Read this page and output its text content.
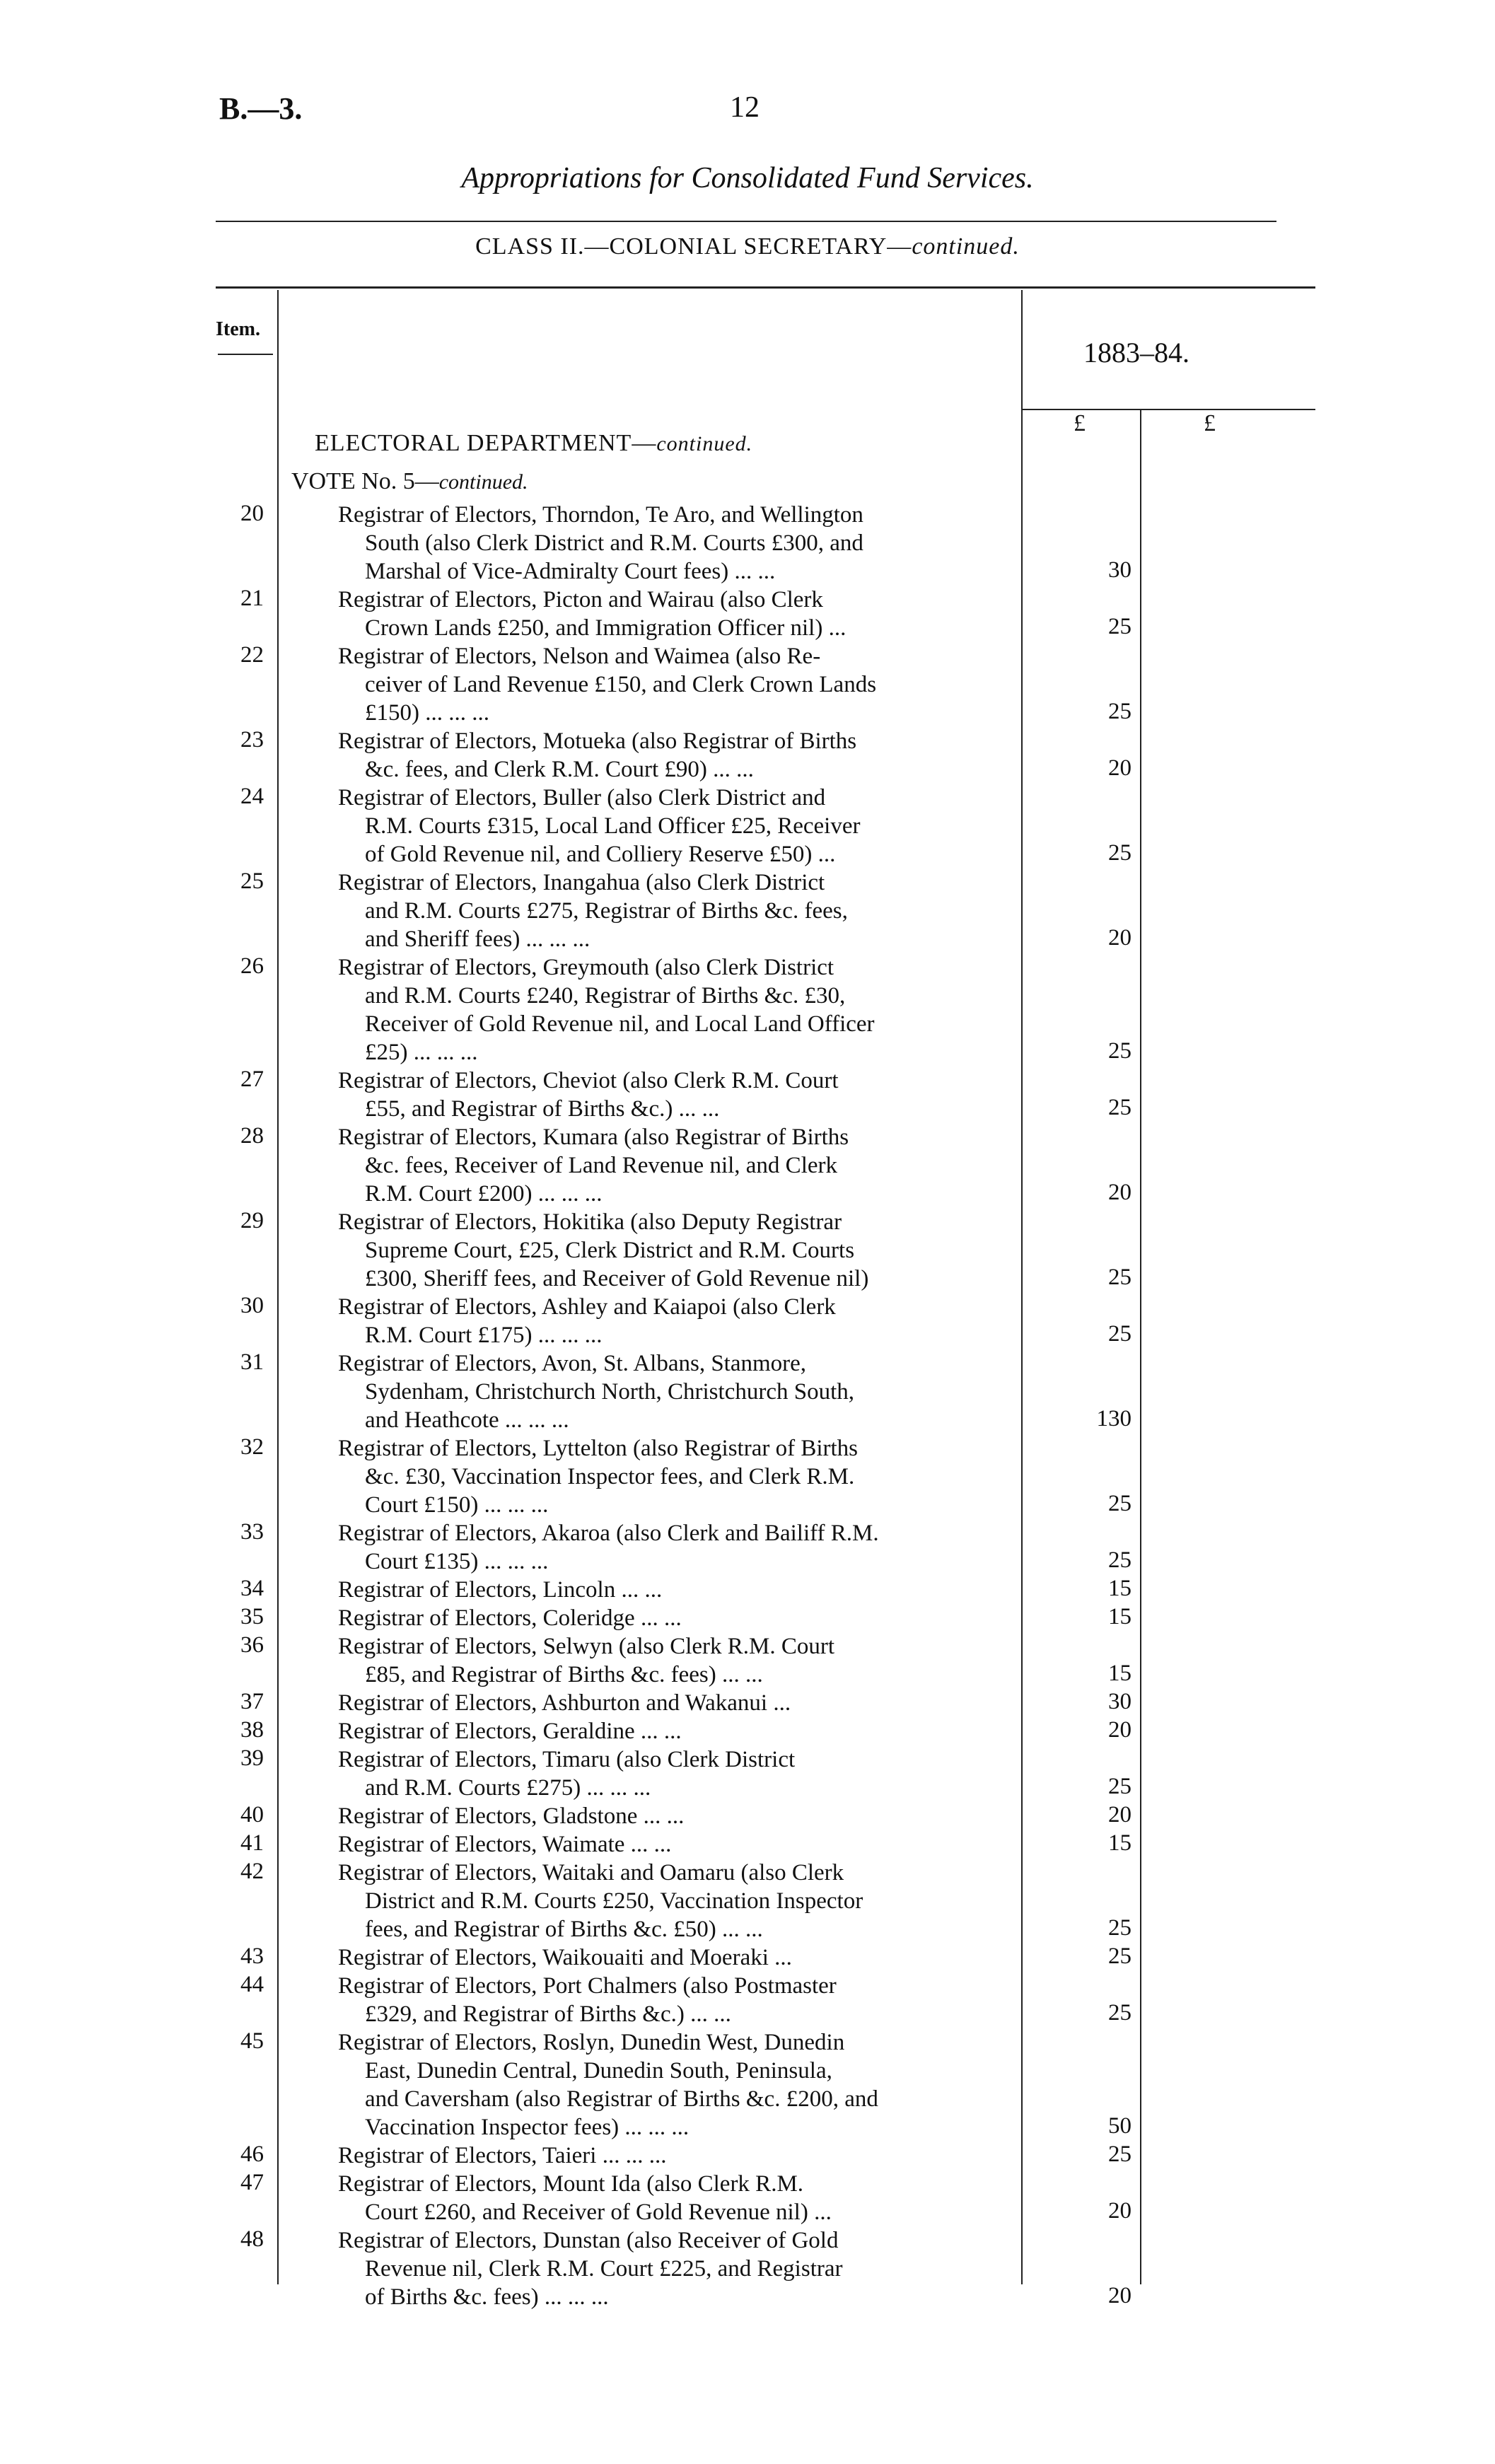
B.—3.	12
Appropriations for Consolidated Fund Services.
CLASS II.—COLONIAL SECRETARY—continued.
Item.
1883–84.
£	£
ELECTORAL DEPARTMENT—continued.
VOTE No. 5—continued.
20	Registrar of Electors, Thorndon, Te Aro, and Wellington
South (also Clerk District and R.M. Courts £300, and
Marshal of Vice-Admiralty Court fees) ... ...	30
21	Registrar of Electors, Picton and Wairau (also Clerk
Crown Lands £250, and Immigration Officer nil) ...	25
22	Registrar of Electors, Nelson and Waimea (also Re-
ceiver of Land Revenue £150, and Clerk Crown Lands
£150) ... ... ...	25
23	Registrar of Electors, Motueka (also Registrar of Births
&c. fees, and Clerk R.M. Court £90) ... ...	20
24	Registrar of Electors, Buller (also Clerk District and
R.M. Courts £315, Local Land Officer £25, Receiver
of Gold Revenue nil, and Colliery Reserve £50) ...	25
25	Registrar of Electors, Inangahua (also Clerk District
and R.M. Courts £275, Registrar of Births &c. fees,
and Sheriff fees) ... ... ...	20
26	Registrar of Electors, Greymouth (also Clerk District
and R.M. Courts £240, Registrar of Births &c. £30,
Receiver of Gold Revenue nil, and Local Land Officer
£25) ... ... ...	25
27	Registrar of Electors, Cheviot (also Clerk R.M. Court
£55, and Registrar of Births &c.) ... ...	25
28	Registrar of Electors, Kumara (also Registrar of Births
&c. fees, Receiver of Land Revenue nil, and Clerk
R.M. Court £200) ... ... ...	20
29	Registrar of Electors, Hokitika (also Deputy Registrar
Supreme Court, £25, Clerk District and R.M. Courts
£300, Sheriff fees, and Receiver of Gold Revenue nil)	25
30	Registrar of Electors, Ashley and Kaiapoi (also Clerk
R.M. Court £175) ... ... ...	25
31	Registrar of Electors, Avon, St. Albans, Stanmore,
Sydenham, Christchurch North, Christchurch South,
and Heathcote ... ... ...	130
32	Registrar of Electors, Lyttelton (also Registrar of Births
&c. £30, Vaccination Inspector fees, and Clerk R.M.
Court £150) ... ... ...	25
33	Registrar of Electors, Akaroa (also Clerk and Bailiff R.M.
Court £135) ... ... ...	25
34	Registrar of Electors, Lincoln ... ...	15
35	Registrar of Electors, Coleridge ... ...	15
36	Registrar of Electors, Selwyn (also Clerk R.M. Court
£85, and Registrar of Births &c. fees) ... ...	15
37	Registrar of Electors, Ashburton and Wakanui ...	30
38	Registrar of Electors, Geraldine ... ...	20
39	Registrar of Electors, Timaru (also Clerk District
and R.M. Courts £275) ... ... ...	25
40	Registrar of Electors, Gladstone ... ...	20
41	Registrar of Electors, Waimate ... ...	15
42	Registrar of Electors, Waitaki and Oamaru (also Clerk
District and R.M. Courts £250, Vaccination Inspector
fees, and Registrar of Births &c. £50) ... ...	25
43	Registrar of Electors, Waikouaiti and Moeraki ...	25
44	Registrar of Electors, Port Chalmers (also Postmaster
£329, and Registrar of Births &c.) ... ...	25
45	Registrar of Electors, Roslyn, Dunedin West, Dunedin
East, Dunedin Central, Dunedin South, Peninsula,
and Caversham (also Registrar of Births &c. £200, and
Vaccination Inspector fees) ... ... ...	50
46	Registrar of Electors, Taieri ... ... ...	25
47	Registrar of Electors, Mount Ida (also Clerk R.M.
Court £260, and Receiver of Gold Revenue nil) ...	20
48	Registrar of Electors, Dunstan (also Receiver of Gold
Revenue nil, Clerk R.M. Court £225, and Registrar
of Births &c. fees) ... ... ...	20
